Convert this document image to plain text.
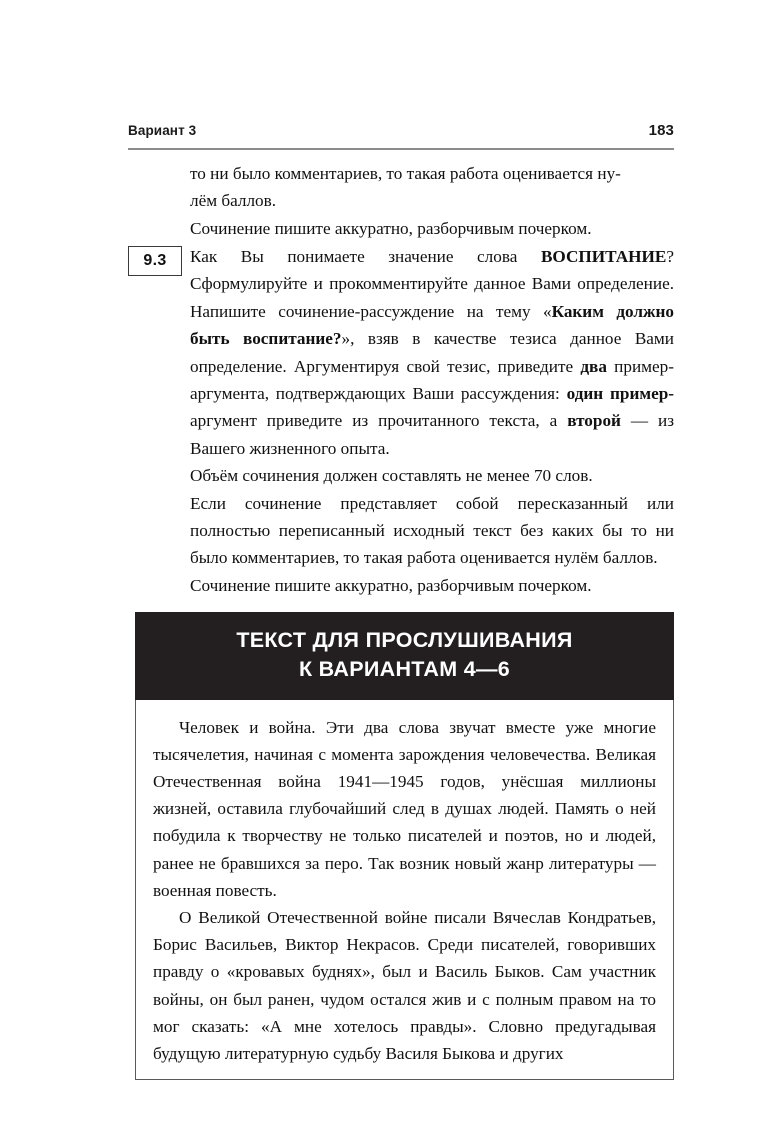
Вариант 3	183

то ни было комментариев, то такая работа оценивается ну-

лём баллов.

Сочинение пишите аккуратно, разборчивым почерком.

9.3 Как Вы понимаете значение слова ВОСПИТАНИЕ? Сформулируйте и прокомментируйте данное Вами определение. Напишите сочинение-рассуждение на тему «Каким должно быть воспитание?», взяв в качестве тезиса данное Вами определение. Аргументируя свой тезис, приведите два пример-аргумента, подтверждающих Ваши рассуждения: один пример-аргумент приведите из прочитанного текста, а второй — из Вашего жизненного опыта.

Объём сочинения должен составлять не менее 70 слов.

Если сочинение представляет собой пересказанный или полностью переписанный исходный текст без каких бы то ни было комментариев, то такая работа оценивается нулём баллов.

Сочинение пишите аккуратно, разборчивым почерком.

ТЕКСТ ДЛЯ ПРОСЛУШИВАНИЯ
К ВАРИАНТАМ 4—6

Человек и война. Эти два слова звучат вместе уже многие тысячелетия, начиная с момента зарождения человечества. Великая Отечественная война 1941—1945 годов, унёсшая миллионы жизней, оставила глубочайший след в душах людей. Память о ней побудила к творчеству не только писателей и поэтов, но и людей, ранее не бравшихся за перо. Так возник новый жанр литературы — военная повесть.

О Великой Отечественной войне писали Вячеслав Кондратьев, Борис Васильев, Виктор Некрасов. Среди писателей, говоривших правду о «кровавых буднях», был и Василь Быков. Сам участник войны, он был ранен, чудом остался жив и с полным правом на то мог сказать: «А мне хотелось правды». Словно предугадывая будущую литературную судьбу Василя Быкова и других
